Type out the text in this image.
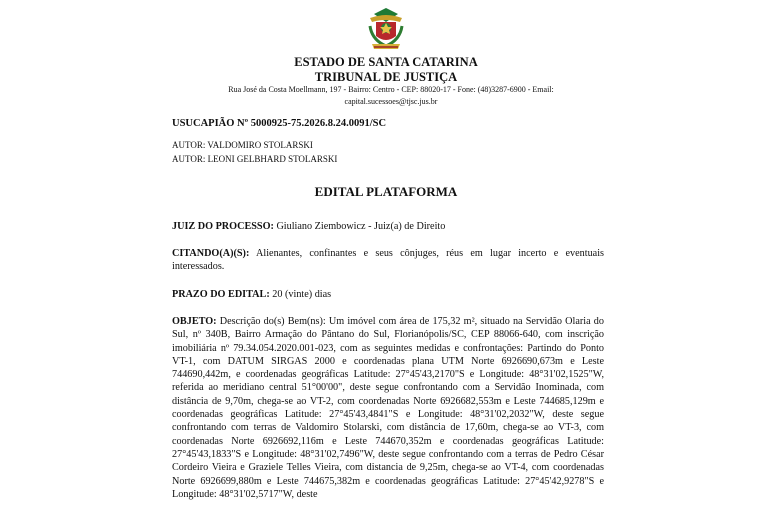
ESTADO DE SANTA CATARINA
TRIBUNAL DE JUSTIÇA
Rua José da Costa Moellmann, 197 - Bairro: Centro - CEP: 88020-17 - Fone: (48)3287-6900 - Email:
capital.sucessoes@tjsc.jus.br
USUCAPIÃO Nº 5000925-75.2026.8.24.0091/SC
AUTOR: VALDOMIRO STOLARSKI
AUTOR: LEONI GELBHARD STOLARSKI
EDITAL PLATAFORMA
JUIZ DO PROCESSO: Giuliano Ziembowicz - Juiz(a) de Direito
CITANDO(A)(S): Alienantes, confinantes e seus cônjuges, réus em lugar incerto e eventuais interessados.
PRAZO DO EDITAL: 20 (vinte) dias
OBJETO: Descrição do(s) Bem(ns): Um imóvel com área de 175,32 m², situado na Servidão Olaria do Sul, nº 340B, Bairro Armação do Pântano do Sul, Florianópolis/SC, CEP 88066-640, com inscrição imobiliária nº 79.34.054.2020.001-023, com as seguintes medidas e confrontações: Partindo do Ponto VT-1, com DATUM SIRGAS 2000 e coordenadas plana UTM Norte 6926690,673m e Leste 744690,442m, e coordenadas geográficas Latitude: 27°45'43,2170"S e Longitude: 48°31'02,1525"W, referida ao meridiano central 51°00'00", deste segue confrontando com a Servidão Inominada, com distância de 9,70m, chega-se ao VT-2, com coordenadas Norte 6926682,553m e Leste 744685,129m e coordenadas geográficas Latitude: 27°45'43,4841"S e Longitude: 48°31'02,2032"W, deste segue confrontando com terras de Valdomiro Stolarski, com distância de 17,60m, chega-se ao VT-3, com coordenadas Norte 6926692,116m e Leste 744670,352m e coordenadas geográficas Latitude: 27°45'43,1833"S e Longitude: 48°31'02,7496"W, deste segue confrontando com a terras de Pedro César Cordeiro Vieira e Graziele Telles Vieira, com distancia de 9,25m, chega-se ao VT-4, com coordenadas Norte 6926699,880m e Leste 744675,382m e coordenadas geográficas Latitude: 27°45'42,9278"S e Longitude: 48°31'02,5717"W, deste
